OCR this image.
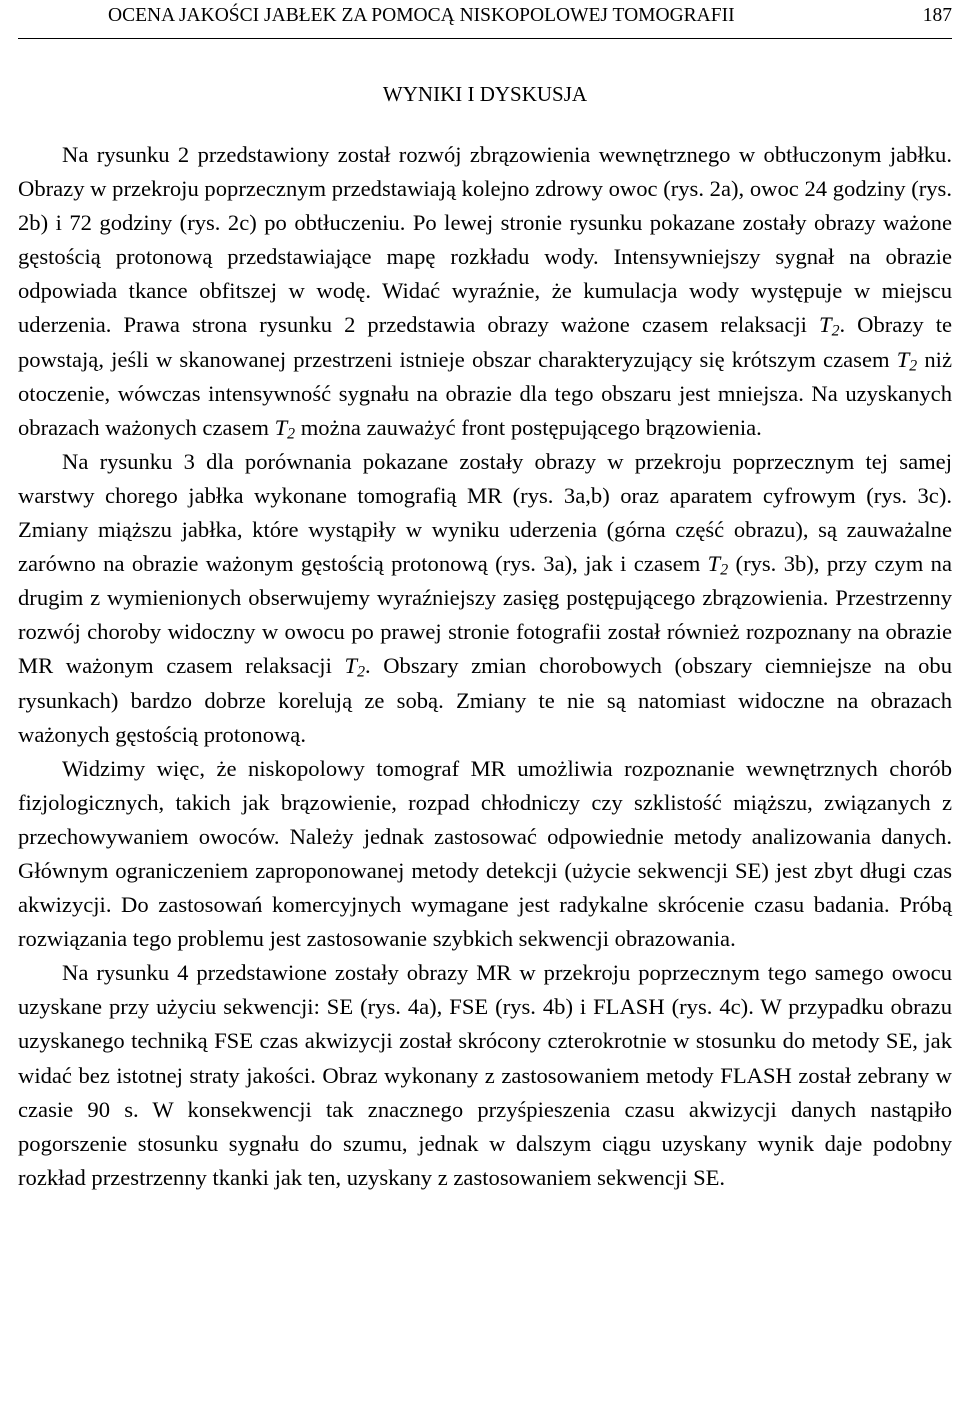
OCENA JAKOŚCI JABŁEK ZA POMOCĄ NISKOPOLOWEJ TOMOGRAFII	187
WYNIKI I DYSKUSJA

Na rysunku 2 przedstawiony został rozwój zbrązowienia wewnętrznego w obtłuczonym jabłku. Obrazy w przekroju poprzecznym przedstawiają kolejno zdrowy owoc (rys. 2a), owoc 24 godziny (rys. 2b) i 72 godziny (rys. 2c) po obtłuczeniu. Po lewej stronie rysunku pokazane zostały obrazy ważone gęstością protonową przedstawiające mapę rozkładu wody. Intensywniejszy sygnał na obrazie odpowiada tkance obfitszej w wodę. Widać wyraźnie, że kumulacja wody występuje w miejscu uderzenia. Prawa strona rysunku 2 przedstawia obrazy ważone czasem relaksacji $T_2$. Obrazy te powstają, jeśli w skanowanej przestrzeni istnieje obszar charakteryzujący się krótszym czasem $T_2$ niż otoczenie, wówczas intensywność sygnału na obrazie dla tego obszaru jest mniejsza. Na uzyskanych obrazach ważonych czasem $T_2$ można zauważyć front postępującego brązowienia.

Na rysunku 3 dla porównania pokazane zostały obrazy w przekroju poprzecznym tej samej warstwy chorego jabłka wykonane tomografią MR (rys. 3a,b) oraz aparatem cyfrowym (rys. 3c). Zmiany miąższu jabłka, które wystąpiły w wyniku uderzenia (górna część obrazu), są zauważalne zarówno na obrazie ważonym gęstością protonową (rys. 3a), jak i czasem $T_2$ (rys. 3b), przy czym na drugim z wymienionych obserwujemy wyraźniejszy zasięg postępującego zbrązowienia. Przestrzenny rozwój choroby widoczny w owocu po prawej stronie fotografii został również rozpoznany na obrazie MR ważonym czasem relaksacji $T_2$. Obszary zmian chorobowych (obszary ciemniejsze na obu rysunkach) bardzo dobrze korelują ze sobą. Zmiany te nie są natomiast widoczne na obrazach ważonych gęstością protonową.

Widzimy więc, że niskopolowy tomograf MR umożliwia rozpoznanie wewnętrznych chorób fizjologicznych, takich jak brązowienie, rozpad chłodniczy czy szklistość miąższu, związanych z przechowywaniem owoców. Należy jednak zastosować odpowiednie metody analizowania danych. Głównym ograniczeniem zaproponowanej metody detekcji (użycie sekwencji SE) jest zbyt długi czas akwizycji. Do zastosowań komercyjnych wymagane jest radykalne skrócenie czasu badania. Próbą rozwiązania tego problemu jest zastosowanie szybkich sekwencji obrazowania.

Na rysunku 4 przedstawione zostały obrazy MR w przekroju poprzecznym tego samego owocu uzyskane przy użyciu sekwencji: SE (rys. 4a), FSE (rys. 4b) i FLASH (rys. 4c). W przypadku obrazu uzyskanego techniką FSE czas akwizycji został skrócony czterokrotnie w stosunku do metody SE, jak widać bez istotnej straty jakości. Obraz wykonany z zastosowaniem metody FLASH został zebrany w czasie 90 s. W konsekwencji tak znacznego przyśpieszenia czasu akwizycji danych nastąpiło pogorszenie stosunku sygnału do szumu, jednak w dalszym ciągu uzyskany wynik daje podobny rozkład przestrzenny tkanki jak ten, uzyskany z zastosowaniem sekwencji SE.
